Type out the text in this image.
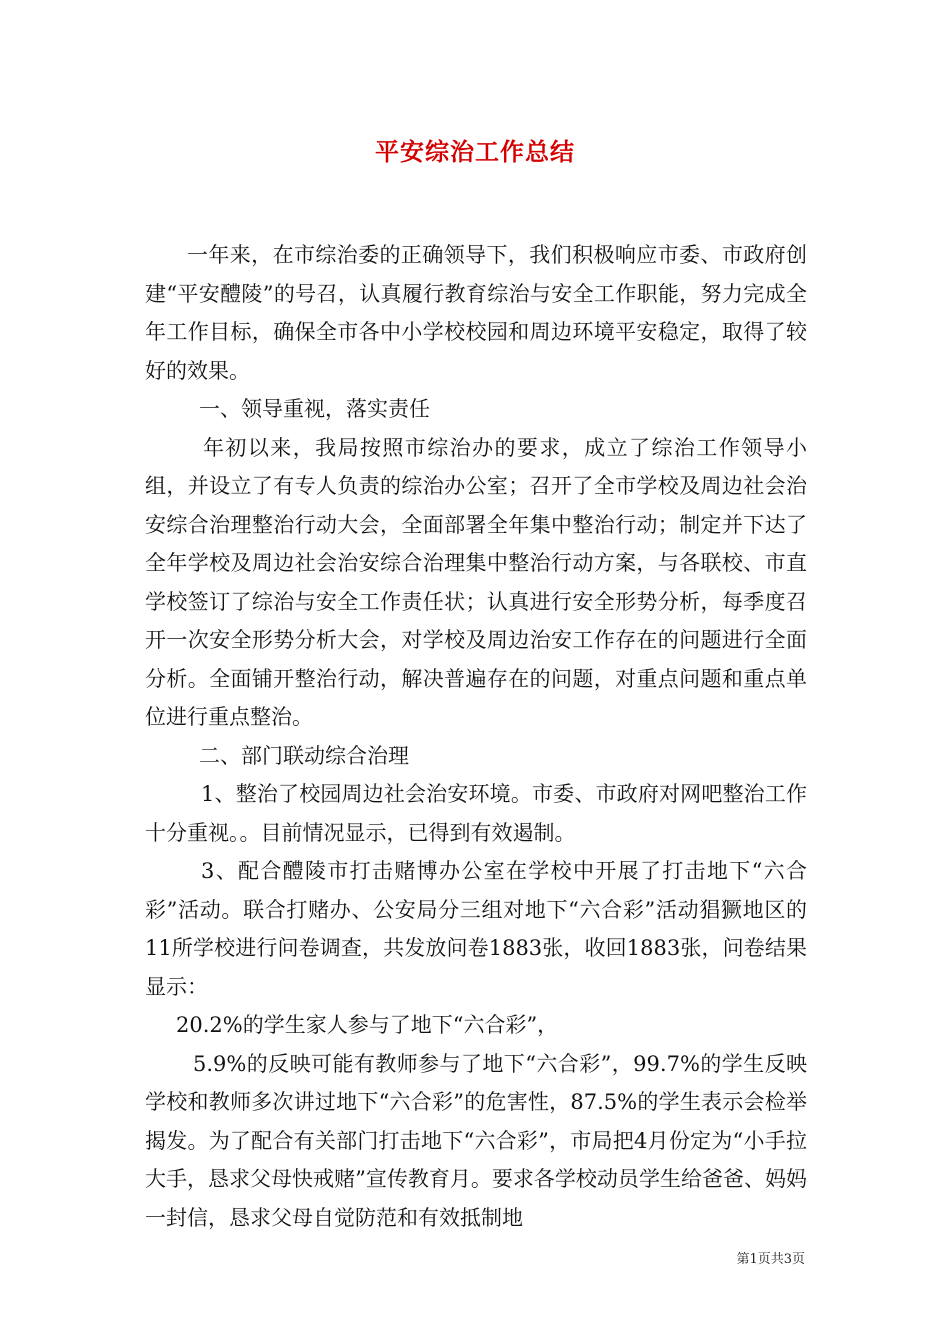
平安综治工作总结

一年来，在市综治委的正确领导下，我们积极响应市委、市政府创建“平安醴陵”的号召，认真履行教育综治与安全工作职能，努力完成全年工作目标，确保全市各中小学校校园和周边环境平安稳定，取得了较好的效果。

一、领导重视，落实责任

年初以来，我局按照市综治办的要求，成立了综治工作领导小组，并设立了有专人负责的综治办公室；召开了全市学校及周边社会治安综合治理整治行动大会，全面部署全年集中整治行动；制定并下达了全年学校及周边社会治安综合治理集中整治行动方案，与各联校、市直学校签订了综治与安全工作责任状；认真进行安全形势分析，每季度召开一次安全形势分析大会，对学校及周边治安工作存在的问题进行全面分析。全面铺开整治行动，解决普遍存在的问题，对重点问题和重点单位进行重点整治。

二、部门联动综合治理

1、整治了校园周边社会治安环境。市委、市政府对网吧整治工作十分重视。。目前情况显示，已得到有效遏制。

3、配合醴陵市打击赌博办公室在学校中开展了打击地下“六合彩”活动。联合打赌办、公安局分三组对地下“六合彩”活动猖獗地区的11所学校进行问卷调查，共发放问卷1883张，收回1883张，问卷结果显示：

20.2%的学生家人参与了地下“六合彩”，

5.9%的反映可能有教师参与了地下“六合彩”，99.7%的学生反映学校和教师多次讲过地下“六合彩”的危害性，87.5%的学生表示会检举揭发。为了配合有关部门打击地下“六合彩”，市局把4月份定为“小手拉大手，恳求父母快戒赌”宣传教育月。要求各学校动员学生给爸爸、妈妈一封信，恳求父母自觉防范和有效抵制地

第1页共3页
